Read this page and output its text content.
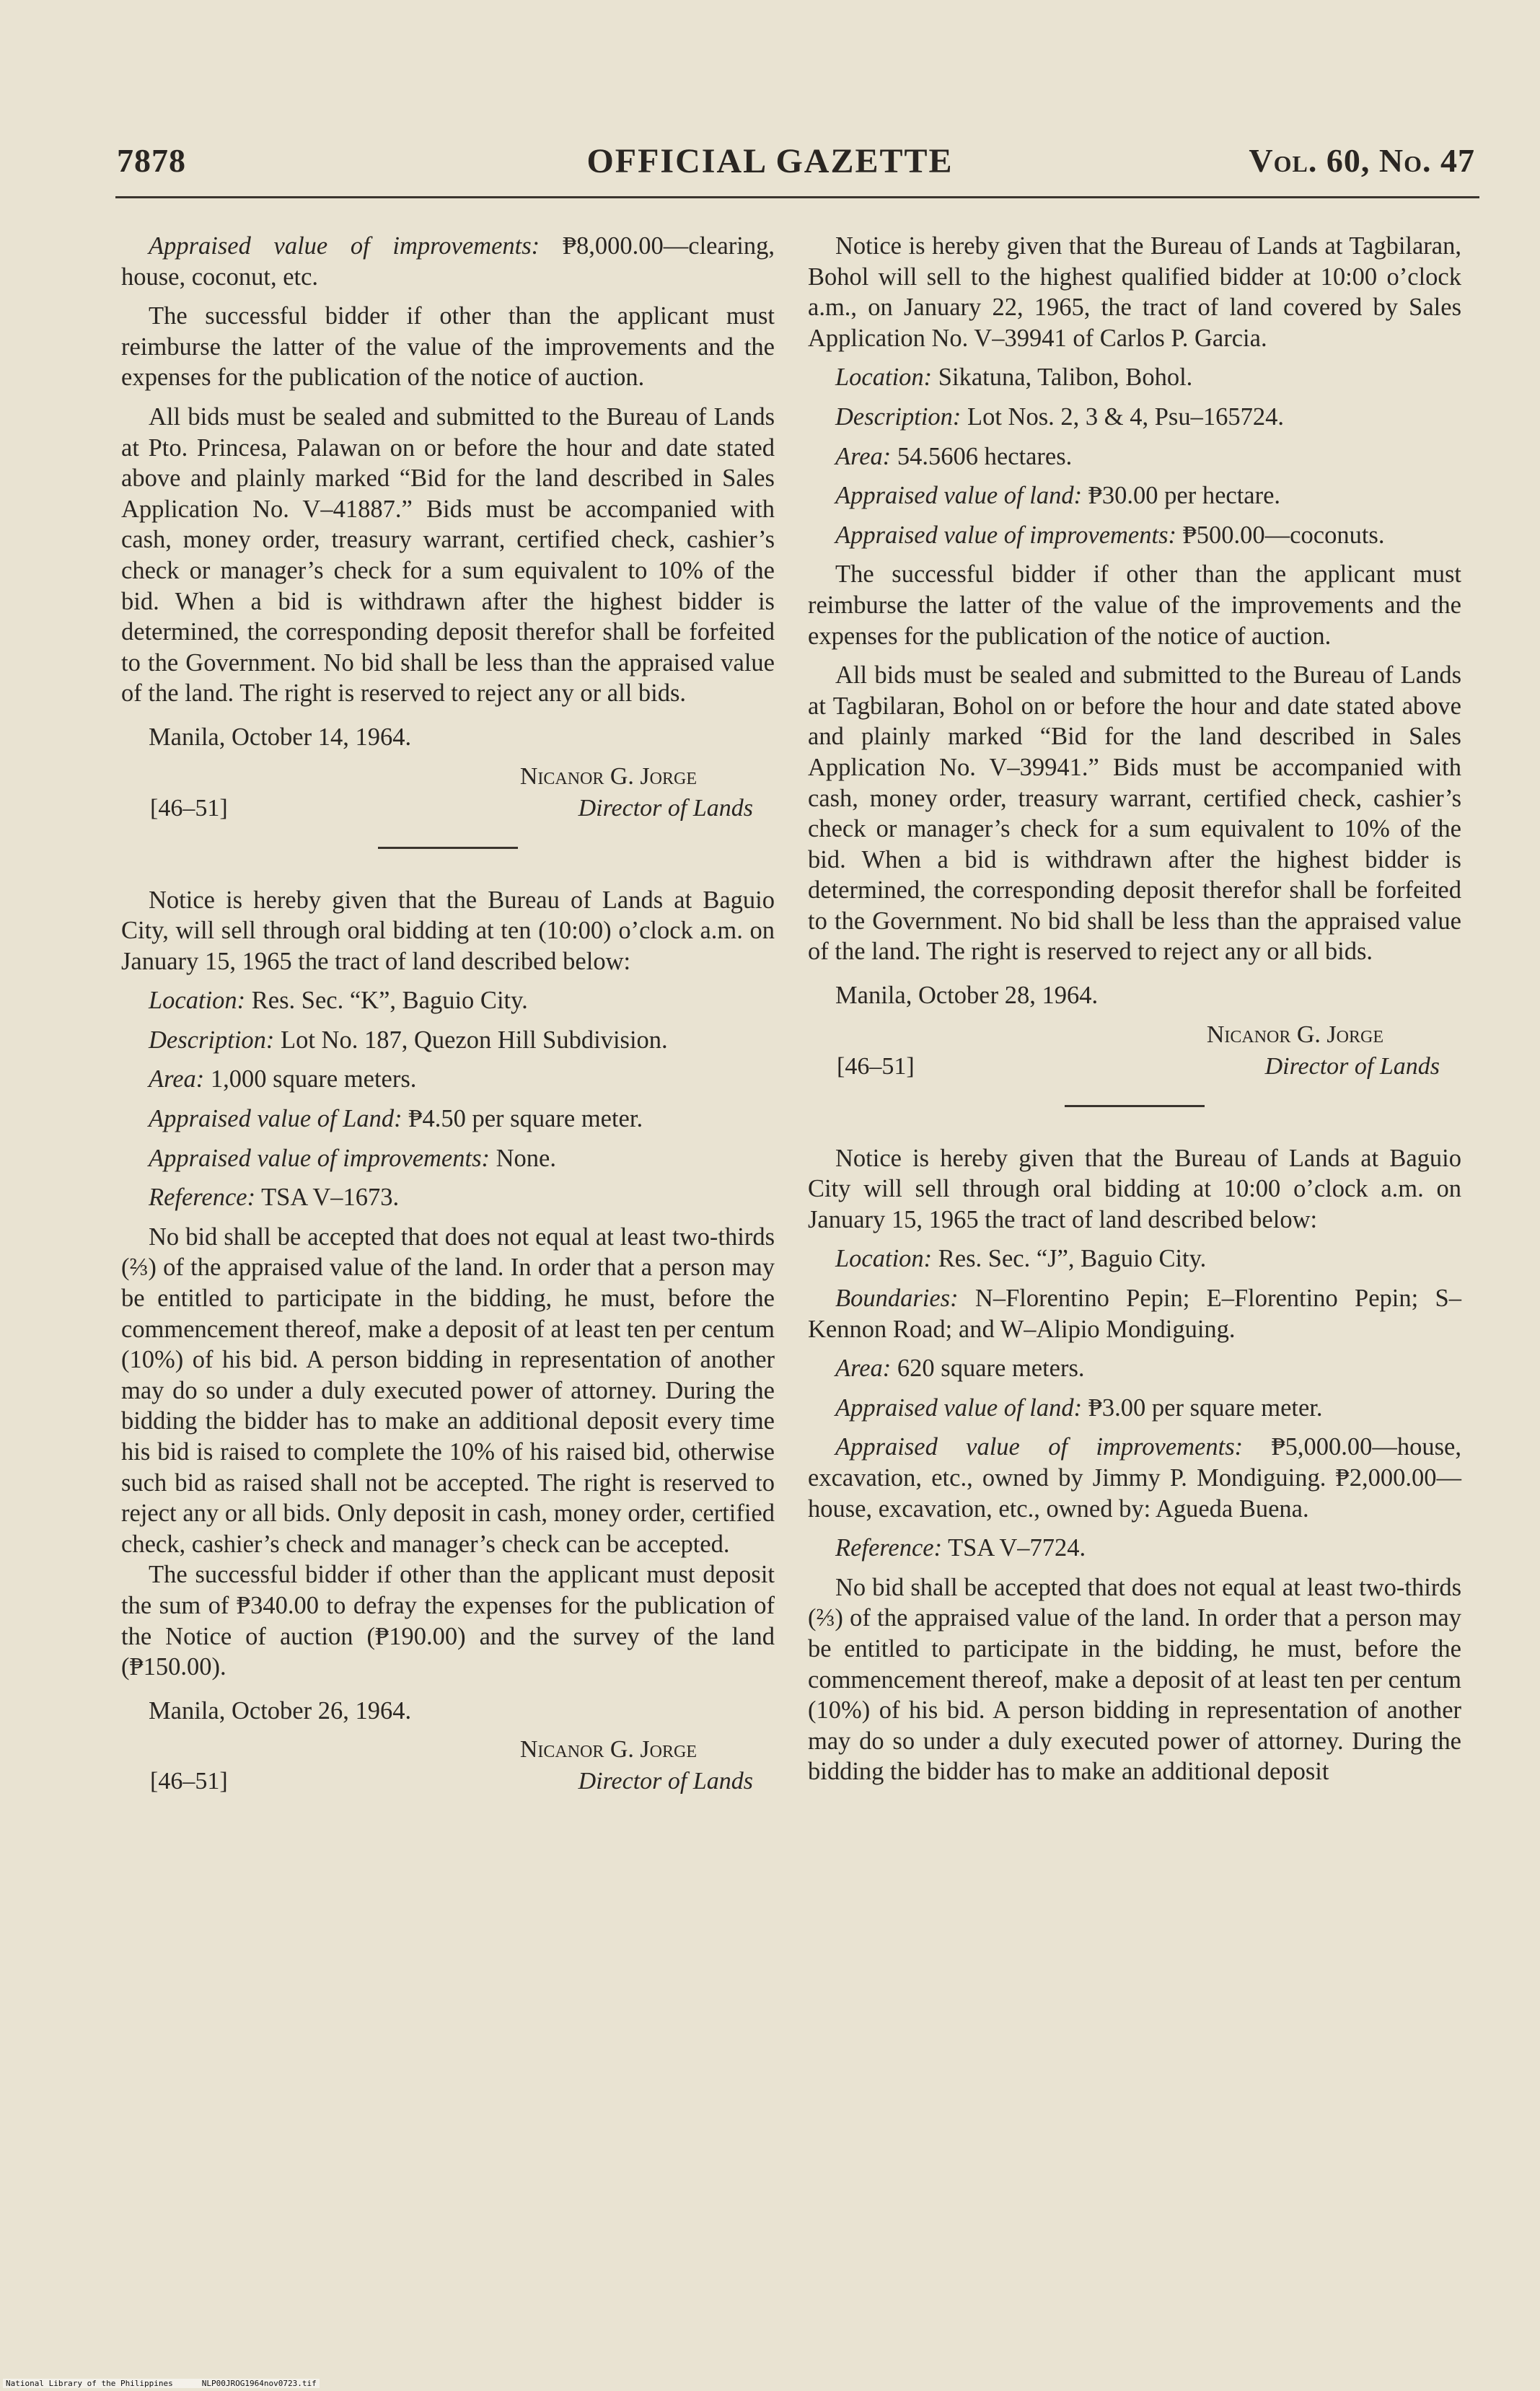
7878	OFFICIAL GAZETTE	Vol. 60, No. 47

Appraised value of improvements: ₱8,000.00—clearing, house, coconut, etc.

The successful bidder if other than the applicant must reimburse the latter of the value of the improvements and the expenses for the publication of the notice of auction.

All bids must be sealed and submitted to the Bureau of Lands at Pto. Princesa, Palawan on or before the hour and date stated above and plainly marked “Bid for the land described in Sales Application No. V–41887.” Bids must be accompanied with cash, money order, treasury warrant, certified check, cashier’s check or manager’s check for a sum equivalent to 10% of the bid. When a bid is withdrawn after the highest bidder is determined, the corresponding deposit therefor shall be forfeited to the Government. No bid shall be less than the appraised value of the land. The right is reserved to reject any or all bids.

Manila, October 14, 1964.

Nicanor G. Jorge
[46–51]	Director of Lands

Notice is hereby given that the Bureau of Lands at Baguio City, will sell through oral bidding at ten (10:00) o’clock a.m. on January 15, 1965 the tract of land described below:

Location: Res. Sec. “K”, Baguio City.

Description: Lot No. 187, Quezon Hill Subdivision.

Area: 1,000 square meters.

Appraised value of Land: ₱4.50 per square meter.

Appraised value of improvements: None.

Reference: TSA V–1673.

No bid shall be accepted that does not equal at least two-thirds (⅔) of the appraised value of the land. In order that a person may be entitled to participate in the bidding, he must, before the commencement thereof, make a deposit of at least ten per centum (10%) of his bid. A person bidding in representation of another may do so under a duly executed power of attorney. During the bidding the bidder has to make an additional deposit every time his bid is raised to complete the 10% of his raised bid, otherwise such bid as raised shall not be accepted. The right is reserved to reject any or all bids. Only deposit in cash, money order, certified check, cashier’s check and manager’s check can be accepted.

The successful bidder if other than the applicant must deposit the sum of ₱340.00 to defray the expenses for the publication of the Notice of auction (₱190.00) and the survey of the land (₱150.00).

Manila, October 26, 1964.

Nicanor G. Jorge
[46–51]	Director of Lands

Notice is hereby given that the Bureau of Lands at Tagbilaran, Bohol will sell to the highest qualified bidder at 10:00 o’clock a.m., on January 22, 1965, the tract of land covered by Sales Application No. V–39941 of Carlos P. Garcia.

Location: Sikatuna, Talibon, Bohol.

Description: Lot Nos. 2, 3 & 4, Psu–165724.

Area: 54.5606 hectares.

Appraised value of land: ₱30.00 per hectare.

Appraised value of improvements: ₱500.00—coconuts.

The successful bidder if other than the applicant must reimburse the latter of the value of the improvements and the expenses for the publication of the notice of auction.

All bids must be sealed and submitted to the Bureau of Lands at Tagbilaran, Bohol on or before the hour and date stated above and plainly marked “Bid for the land described in Sales Application No. V–39941.” Bids must be accompanied with cash, money order, treasury warrant, certified check, cashier’s check or manager’s check for a sum equivalent to 10% of the bid. When a bid is withdrawn after the highest bidder is determined, the corresponding deposit therefor shall be forfeited to the Government. No bid shall be less than the appraised value of the land. The right is reserved to reject any or all bids.

Manila, October 28, 1964.

Nicanor G. Jorge
[46–51]	Director of Lands

Notice is hereby given that the Bureau of Lands at Baguio City will sell through oral bidding at 10:00 o’clock a.m. on January 15, 1965 the tract of land described below:

Location: Res. Sec. “J”, Baguio City.

Boundaries: N–Florentino Pepin; E–Florentino Pepin; S–Kennon Road; and W–Alipio Mondiguing.

Area: 620 square meters.

Appraised value of land: ₱3.00 per square meter.

Appraised value of improvements: ₱5,000.00—house, excavation, etc., owned by Jimmy P. Mondiguing. ₱2,000.00—house, excavation, etc., owned by: Agueda Buena.

Reference: TSA V–7724.

No bid shall be accepted that does not equal at least two-thirds (⅔) of the appraised value of the land. In order that a person may be entitled to participate in the bidding, he must, before the commencement thereof, make a deposit of at least ten per centum (10%) of his bid. A person bidding in representation of another may do so under a duly executed power of attorney. During the bidding the bidder has to make an additional deposit

National Library of the Philippines	NLP00JROG1964nov0723.tif
